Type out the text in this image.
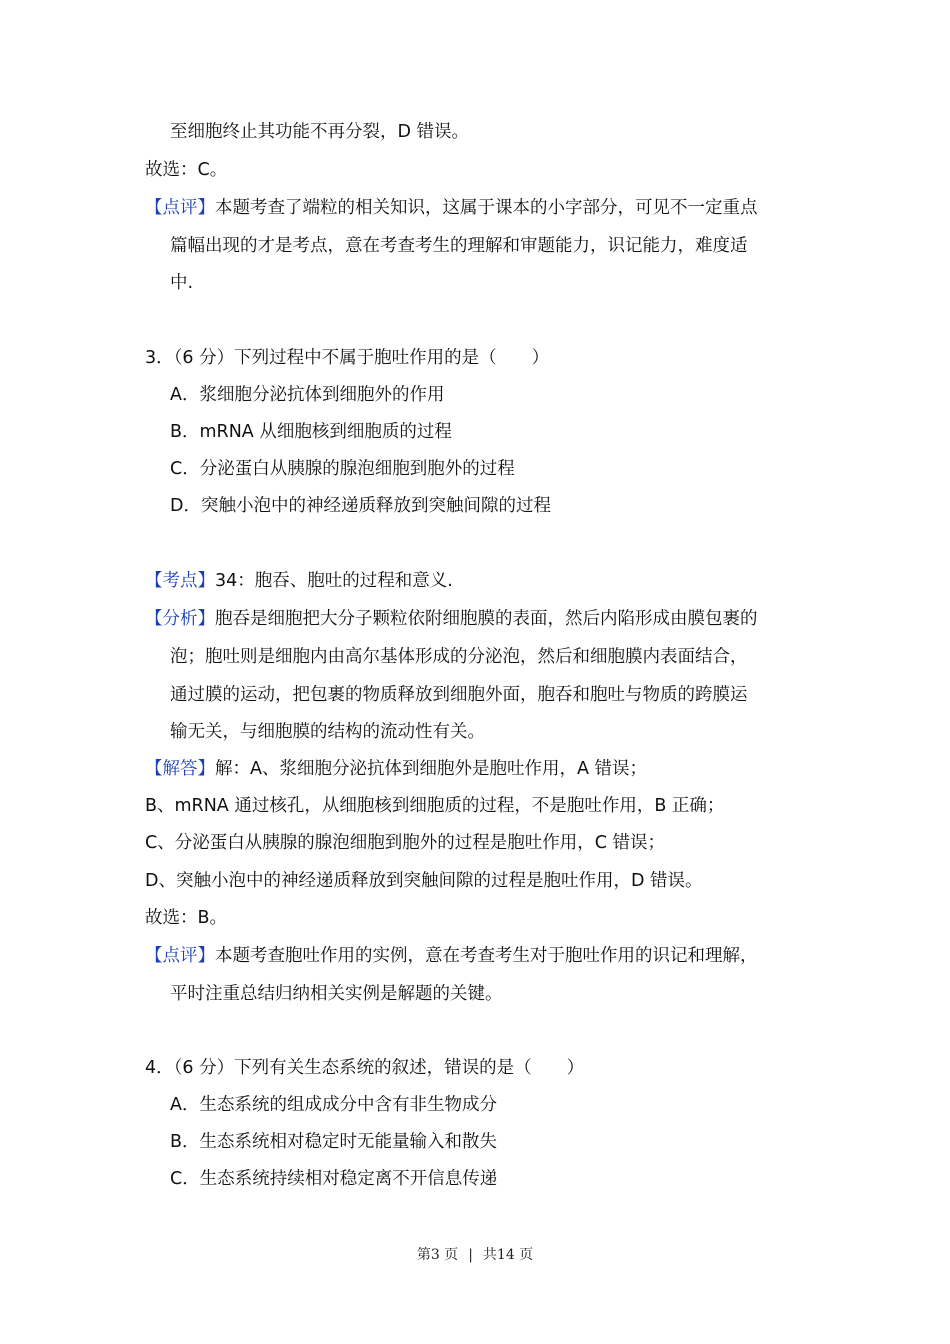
至细胞终止其功能不再分裂，D 错误。
故选：C。
【点评】本题考查了端粒的相关知识，这属于课本的小字部分，可见不一定重点
篇幅出现的才是考点，意在考查考生的理解和审题能力，识记能力，难度适
中.
3．（6 分）下列过程中不属于胞吐作用的是（　　）
A．浆细胞分泌抗体到细胞外的作用
B．mRNA 从细胞核到细胞质的过程
C．分泌蛋白从胰腺的腺泡细胞到胞外的过程
D．突触小泡中的神经递质释放到突触间隙的过程
【考点】34：胞吞、胞吐的过程和意义.
【分析】胞吞是细胞把大分子颗粒依附细胞膜的表面，然后内陷形成由膜包裹的
泡；胞吐则是细胞内由高尔基体形成的分泌泡，然后和细胞膜内表面结合，
通过膜的运动，把包裹的物质释放到细胞外面，胞吞和胞吐与物质的跨膜运
输无关，与细胞膜的结构的流动性有关。
【解答】解：A、浆细胞分泌抗体到细胞外是胞吐作用，A 错误；
B、mRNA 通过核孔，从细胞核到细胞质的过程，不是胞吐作用，B 正确；
C、分泌蛋白从胰腺的腺泡细胞到胞外的过程是胞吐作用，C 错误；
D、突触小泡中的神经递质释放到突触间隙的过程是胞吐作用，D 错误。
故选：B。
【点评】本题考查胞吐作用的实例，意在考查考生对于胞吐作用的识记和理解，
平时注重总结归纳相关实例是解题的关键。
4．（6 分）下列有关生态系统的叙述，错误的是（　　）
A．生态系统的组成成分中含有非生物成分
B．生态系统相对稳定时无能量输入和散失
C．生态系统持续相对稳定离不开信息传递
第3 页 | 共14 页
